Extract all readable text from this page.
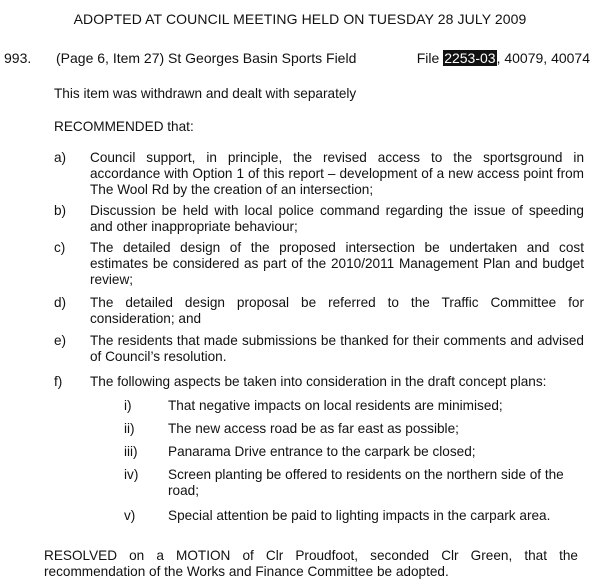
ADOPTED AT COUNCIL MEETING HELD ON TUESDAY 28 JULY 2009
993. (Page 6, Item 27) St Georges Basin Sports Field	File 2253-03, 40079, 40074
This item was withdrawn and dealt with separately
RECOMMENDED that:
a) Council support, in principle, the revised access to the sportsground in accordance with Option 1 of this report – development of a new access point from The Wool Rd by the creation of an intersection;
b) Discussion be held with local police command regarding the issue of speeding and other inappropriate behaviour;
c) The detailed design of the proposed intersection be undertaken and cost estimates be considered as part of the 2010/2011 Management Plan and budget review;
d) The detailed design proposal be referred to the Traffic Committee for consideration; and
e) The residents that made submissions be thanked for their comments and advised of Council’s resolution.
f) The following aspects be taken into consideration in the draft concept plans:
i)	That negative impacts on local residents are minimised;
ii) The new access road be as far east as possible;
iii) Panarama Drive entrance to the carpark be closed;
iv) Screen planting be offered to residents on the northern side of the road;
v) Special attention be paid to lighting impacts in the carpark area.
RESOLVED on a MOTION of Clr Proudfoot, seconded Clr Green, that the recommendation of the Works and Finance Committee be adopted.
